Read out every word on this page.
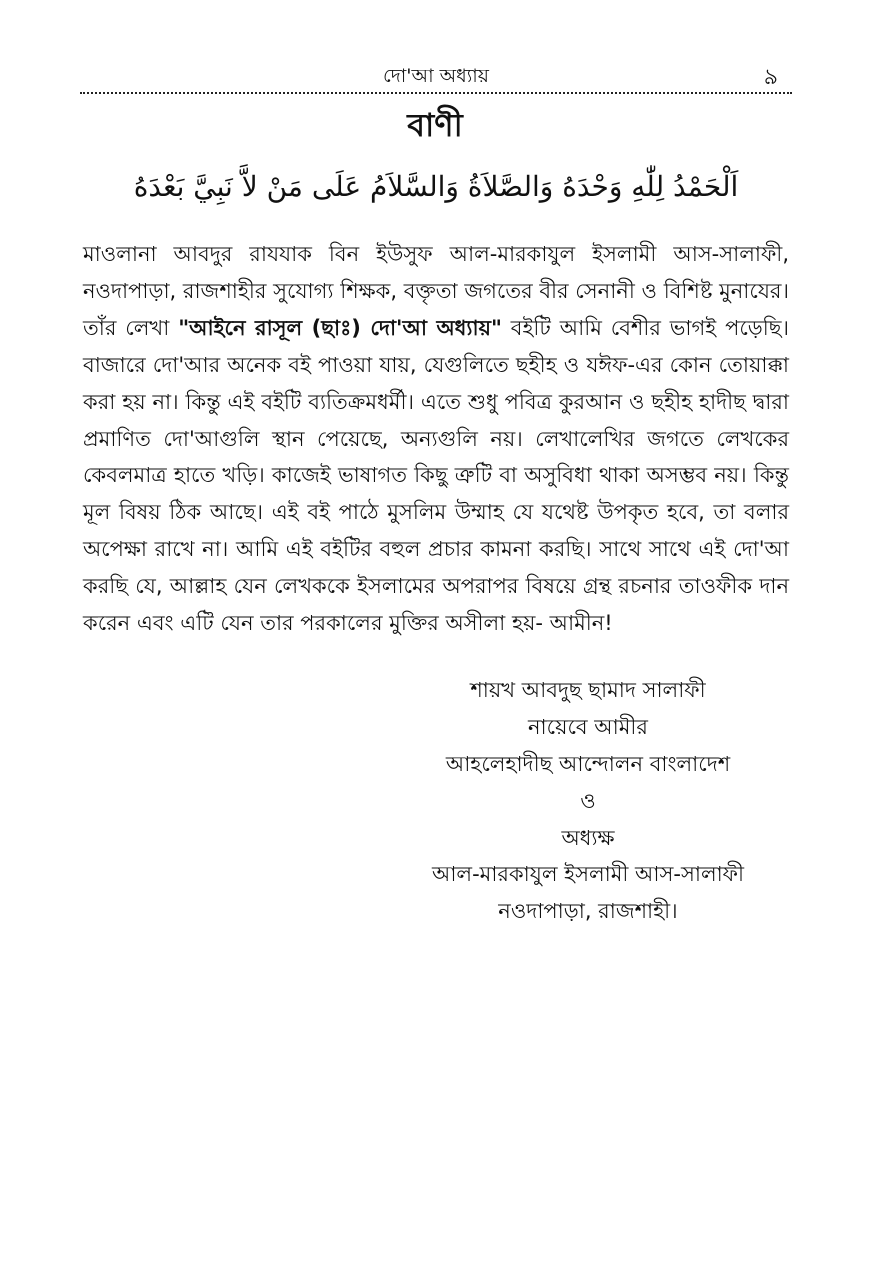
দো'আ অধ্যায়	৯
বাণী
اَلْحَمْدُ لِلّٰهِ وَحْدَهُ وَالصَّلاَةُ وَالسَّلاَمُ عَلَى مَنْ لاَّ نَبِيَّ بَعْدَهُ
মাওলানা আবদুর রাযযাক বিন ইউসুফ আল-মারকাযুল ইসলামী আস-সালাফী, নওদাপাড়া, রাজশাহীর সুযোগ্য শিক্ষক, বক্তৃতা জগতের বীর সেনানী ও বিশিষ্ট মুনাযের। তাঁর লেখা "আইনে রাসূল (ছাঃ) দো'আ অধ্যায়" বইটি আমি বেশীর ভাগই পড়েছি। বাজারে দো'আর অনেক বই পাওয়া যায়, যেগুলিতে ছহীহ ও যঈফ-এর কোন তোয়াক্কা করা হয় না। কিন্তু এই বইটি ব্যতিক্রমধর্মী। এতে শুধু পবিত্র কুরআন ও ছহীহ হাদীছ দ্বারা প্রমাণিত দো'আগুলি স্থান পেয়েছে, অন্যগুলি নয়। লেখালেখির জগতে লেখকের কেবলমাত্র হাতে খড়ি। কাজেই ভাষাগত কিছু ত্রুটি বা অসুবিধা থাকা অসম্ভব নয়। কিন্তু মূল বিষয় ঠিক আছে। এই বই পাঠে মুসলিম উম্মাহ যে যথেষ্ট উপকৃত হবে, তা বলার অপেক্ষা রাখে না। আমি এই বইটির বহুল প্রচার কামনা করছি। সাথে সাথে এই দো'আ করছি যে, আল্লাহ যেন লেখককে ইসলামের অপরাপর বিষয়ে গ্রন্থ রচনার তাওফীক দান করেন এবং এটি যেন তার পরকালের মুক্তির অসীলা হয়- আমীন!
শায়খ আবদুছ ছামাদ সালাফী
নায়েবে আমীর
আহলেহাদীছ আন্দোলন বাংলাদেশ
ও
অধ্যক্ষ
আল-মারকাযুল ইসলামী আস-সালাফী
নওদাপাড়া, রাজশাহী।
